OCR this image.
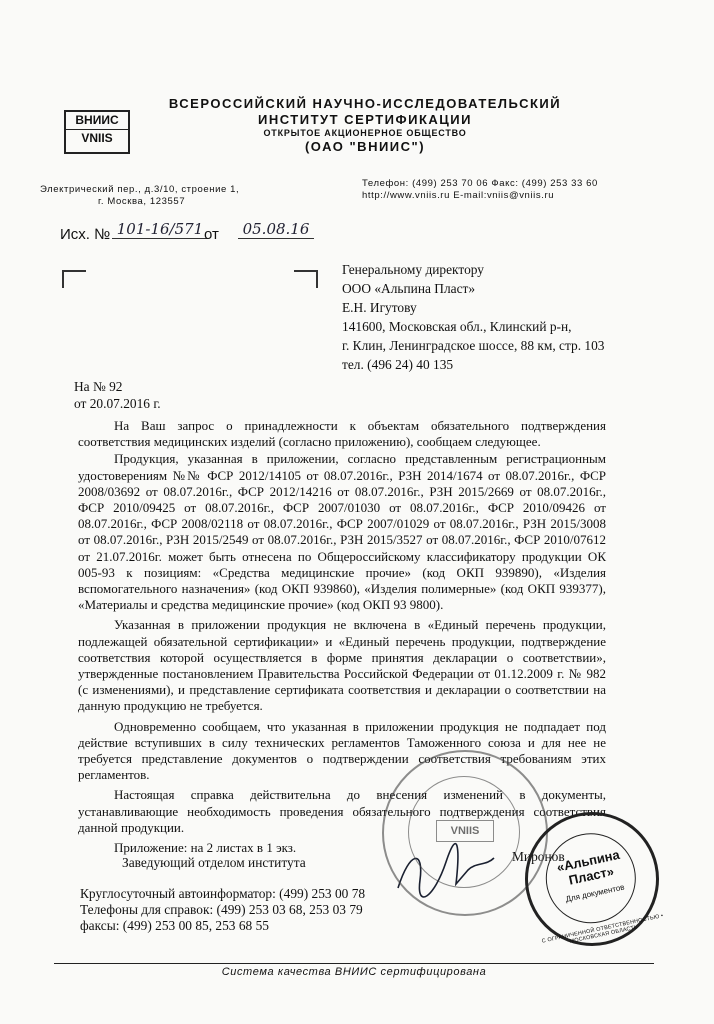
ВНИИС
VNIIS
ВСЕРОССИЙСКИЙ НАУЧНО-ИССЛЕДОВАТЕЛЬСКИЙ
ИНСТИТУТ СЕРТИФИКАЦИИ
ОТКРЫТОЕ АКЦИОНЕРНОЕ ОБЩЕСТВО
(ОАО "ВНИИС")
Электрический пер., д.3/10, строение 1,
г. Москва, 123557
Телефон: (499) 253 70 06 Факс: (499) 253 33 60
http://www.vniis.ru E-mail:vniis@vniis.ru
Исх. № 101-16/571 от	05.08.16
Генеральному директору
ООО «Альпина Пласт»
Е.Н. Игутову
141600, Московская обл., Клинский р-н,
г. Клин, Ленинградское шоссе, 88 км, стр. 103
тел. (496 24) 40 135
На № 92
от 20.07.2016 г.

На Ваш запрос о принадлежности к объектам обязательного подтверждения соответствия медицинских изделий (согласно приложению), сообщаем следующее.

Продукция, указанная в приложении, согласно представленным регистрационным удостоверениям №№ ФСР 2012/14105 от 08.07.2016г., РЗН 2014/1674 от 08.07.2016г., ФСР 2008/03692 от 08.07.2016г., ФСР 2012/14216 от 08.07.2016г., РЗН 2015/2669 от 08.07.2016г., ФСР 2010/09425 от 08.07.2016г., ФСР 2007/01030 от 08.07.2016г., ФСР 2010/09426 от 08.07.2016г., ФСР 2008/02118 от 08.07.2016г., ФСР 2007/01029 от 08.07.2016г., РЗН 2015/3008 от 08.07.2016г., РЗН 2015/2549 от 08.07.2016г., РЗН 2015/3527 от 08.07.2016г., ФСР 2010/07612 от 21.07.2016г. может быть отнесена по Общероссийскому классификатору продукции ОК 005-93 к позициям: «Средства медицинские прочие» (код ОКП 939890), «Изделия вспомогательного назначения» (код ОКП 939860), «Изделия полимерные» (код ОКП 939377), «Материалы и средства медицинские прочие» (код ОКП 93 9800).

Указанная в приложении продукция не включена в «Единый перечень продукции, подлежащей обязательной сертификации» и «Единый перечень продукции, подтверждение соответствия которой осуществляется в форме принятия декларации о соответствии», утвержденные постановлением Правительства Российской Федерации от 01.12.2009 г. № 982 (с изменениями), и представление сертификата соответствия и декларации о соответствии на данную продукцию не требуется.

Одновременно сообщаем, что указанная в приложении продукция не подпадает под действие вступивших в силу технических регламентов Таможенного союза и для нее не требуется представление документов о подтверждении соответствия требованиям этих регламентов.

Настоящая справка действительна до внесения изменений в документы, устанавливающие необходимость проведения обязательного подтверждения соответствия данной продукции.

Приложение: на 2 листах в 1 экз.

Заведующий отделом института	Миронов
VNIIS
«Альпина Пласт»
Для документов
С ОГРАНИЧЕННОЙ ОТВЕТСТВЕННОСТЬЮ • МОСКОВСКАЯ ОБЛАСТЬ
Круглосуточный автоинформатор: (499) 253 00 78
Телефоны для справок: (499) 253 03 68, 253 03 79
факсы: (499) 253 00 85, 253 68 55
Система качества ВНИИС сертифицирована
